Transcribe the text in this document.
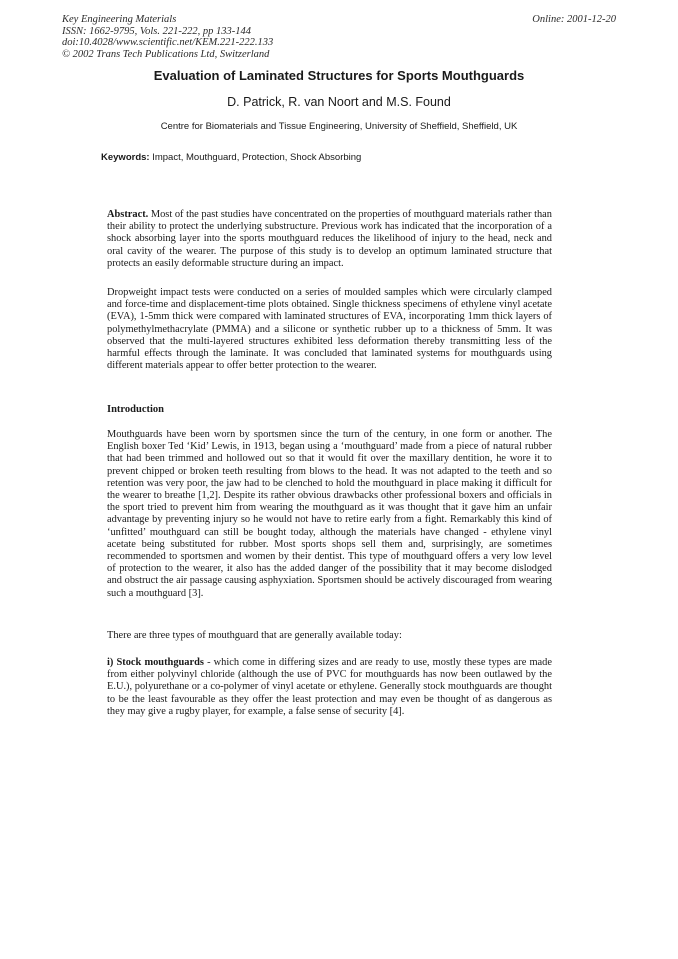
Key Engineering Materials
ISSN: 1662-9795, Vols. 221-222, pp 133-144
doi:10.4028/www.scientific.net/KEM.221-222.133
© 2002 Trans Tech Publications Ltd, Switzerland
Online: 2001-12-20
Evaluation of Laminated Structures for Sports Mouthguards
D. Patrick, R. van Noort and M.S. Found
Centre for Biomaterials and Tissue Engineering, University of Sheffield, Sheffield, UK
Keywords: Impact, Mouthguard, Protection, Shock Absorbing

Abstract. Most of the past studies have concentrated on the properties of mouthguard materials rather than their ability to protect the underlying substructure. Previous work has indicated that the incorporation of a shock absorbing layer into the sports mouthguard reduces the likelihood of injury to the head, neck and oral cavity of the wearer. The purpose of this study is to develop an optimum laminated structure that protects an easily deformable structure during an impact.

Dropweight impact tests were conducted on a series of moulded samples which were circularly clamped and force-time and displacement-time plots obtained. Single thickness specimens of ethylene vinyl acetate (EVA), 1-5mm thick were compared with laminated structures of EVA, incorporating 1mm thick layers of polymethylmethacrylate (PMMA) and a silicone or synthetic rubber up to a thickness of 5mm. It was observed that the multi-layered structures exhibited less deformation thereby transmitting less of the harmful effects through the laminate. It was concluded that laminated systems for mouthguards using different materials appear to offer better protection to the wearer.

Introduction

Mouthguards have been worn by sportsmen since the turn of the century, in one form or another. The English boxer Ted ‘Kid’ Lewis, in 1913, began using a ‘mouthguard’ made from a piece of natural rubber that had been trimmed and hollowed out so that it would fit over the maxillary dentition, he wore it to prevent chipped or broken teeth resulting from blows to the head. It was not adapted to the teeth and so retention was very poor, the jaw had to be clenched to hold the mouthguard in place making it difficult for the wearer to breathe [1,2]. Despite its rather obvious drawbacks other professional boxers and officials in the sport tried to prevent him from wearing the mouthguard as it was thought that it gave him an unfair advantage by preventing injury so he would not have to retire early from a fight. Remarkably this kind of ‘unfitted’ mouthguard can still be bought today, although the materials have changed - ethylene vinyl acetate being substituted for rubber. Most sports shops sell them and, surprisingly, are sometimes recommended to sportsmen and women by their dentist. This type of mouthguard offers a very low level of protection to the wearer, it also has the added danger of the possibility that it may become dislodged and obstruct the air passage causing asphyxiation. Sportsmen should be actively discouraged from wearing such a mouthguard [3].

There are three types of mouthguard that are generally available today:

i) Stock mouthguards - which come in differing sizes and are ready to use, mostly these types are made from either polyvinyl chloride (although the use of PVC for mouthguards has now been outlawed by the E.U.), polyurethane or a co-polymer of vinyl acetate or ethylene. Generally stock mouthguards are thought to be the least favourable as they offer the least protection and may even be thought of as dangerous as they may give a rugby player, for example, a false sense of security [4].
